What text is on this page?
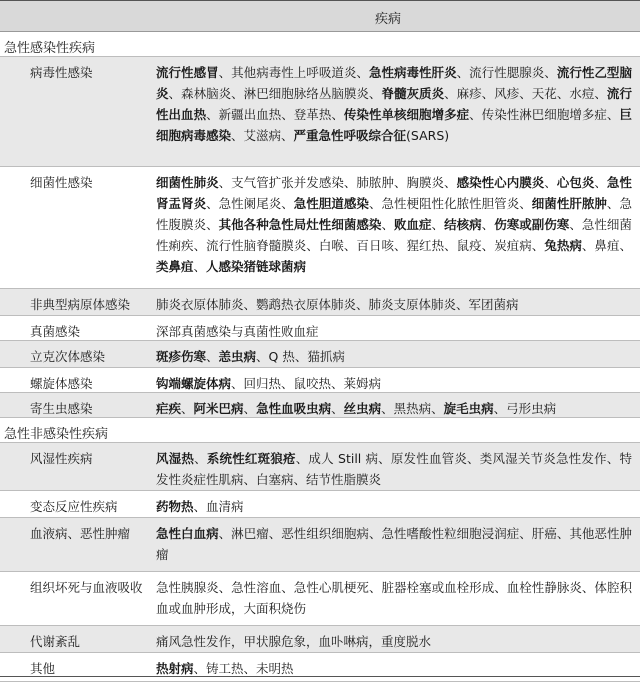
疾病
急性感染性疾病
病毒性感染	流行性感冒、其他病毒性上呼吸道炎、急性病毒性肝炎、流行性腮腺炎、流行性乙型脑炎、森林脑炎、淋巴细胞脉络丛脑膜炎、脊髓灰质炎、麻疹、风疹、天花、水痘、流行性出血热、新疆出血热、登革热、传染性单核细胞增多症、传染性淋巴细胞增多症、巨细胞病毒感染、艾滋病、严重急性呼吸综合征(SARS)
细菌性感染	细菌性肺炎、支气管扩张并发感染、肺脓肿、胸膜炎、感染性心内膜炎、心包炎、急性肾盂肾炎、急性阑尾炎、急性胆道感染、急性梗阻性化脓性胆管炎、细菌性肝脓肿、急性腹膜炎、其他各种急性局灶性细菌感染、败血症、结核病、伤寒或副伤寒、急性细菌性痢疾、流行性脑脊髓膜炎、白喉、百日咳、猩红热、鼠疫、炭疽病、兔热病、鼻疽、类鼻疽、人感染猪链球菌病
非典型病原体感染	肺炎衣原体肺炎、鹦鹉热衣原体肺炎、肺炎支原体肺炎、军团菌病
真菌感染	深部真菌感染与真菌性败血症
立克次体感染	斑疹伤寒、恙虫病、Q 热、猫抓病
螺旋体感染	钩端螺旋体病、回归热、鼠咬热、莱姆病
寄生虫感染	疟疾、阿米巴病、急性血吸虫病、丝虫病、黑热病、旋毛虫病、弓形虫病
急性非感染性疾病
风湿性疾病	风湿热、系统性红斑狼疮、成人 Still 病、原发性血管炎、类风湿关节炎急性发作、特发性炎症性肌病、白塞病、结节性脂膜炎
变态反应性疾病	药物热、血清病
血液病、恶性肿瘤	急性白血病、淋巴瘤、恶性组织细胞病、急性嗜酸性粒细胞浸润症、肝癌、其他恶性肿瘤
组织坏死与血液吸收	急性胰腺炎、急性溶血、急性心肌梗死、脏器栓塞或血栓形成、血栓性静脉炎、体腔积血或血肿形成，大面积烧伤
代谢紊乱	痛风急性发作，甲状腺危象，血卟啉病，重度脱水
其他	热射病、铸工热、未明热
